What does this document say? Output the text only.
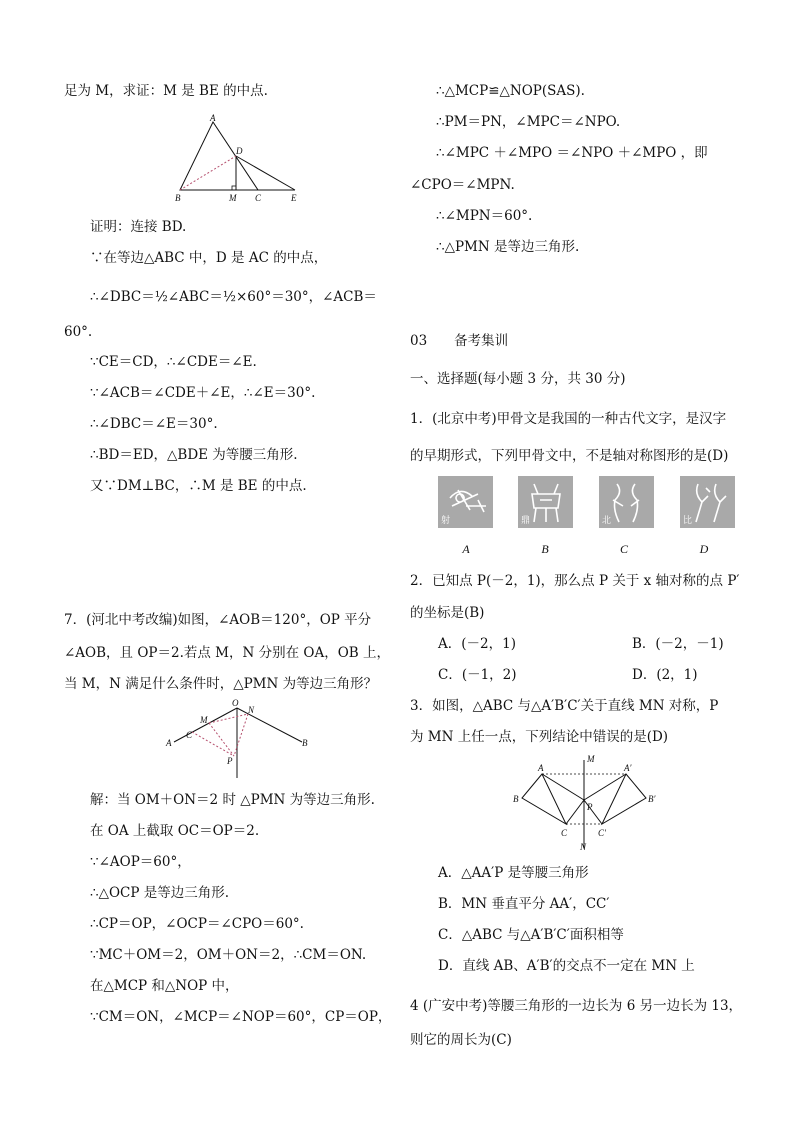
足为 M，求证：M 是 BE 的中点.

A
B	C
D
E
M

证明：连接 BD.

∵在等边△ABC 中，D 是 AC 的中点，

∴∠DBC＝½∠ABC＝½×60°＝30°，∠ACB＝

60°.

∵CE＝CD，∴∠CDE＝∠E.

∵∠ACB＝∠CDE＋∠E，∴∠E＝30°.

∴∠DBC＝∠E＝30°.

∴BD＝ED，△BDE 为等腰三角形.

又∵DM⊥BC，∴M 是 BE 的中点.

7．(河北中考改编)如图，∠AOB＝120°，OP 平分

∠AOB，且 OP＝2.若点 M，N 分别在 OA，OB 上，

当 M，N 满足什么条件时，△PMN 为等边三角形？

A	B
O
M
N
C
P

解：当 OM＋ON＝2 时 △PMN 为等边三角形.

在 OA 上截取 OC＝OP＝2.

∵∠AOP＝60°，

∴△OCP 是等边三角形.

∴CP＝OP，∠OCP＝∠CPO＝60°.

∵MC＋OM＝2，OM＋ON＝2，∴CM＝ON.

在△MCP 和△NOP 中，

∵CM＝ON，∠MCP＝∠NOP＝60°，CP＝OP，

∴△MCP≌△NOP(SAS).

∴PM＝PN，∠MPC＝∠NPO.

∴∠MPC ＋∠MPO ＝∠NPO ＋∠MPO ，即

∠CPO＝∠MPN.

∴∠MPN＝60°.

∴△PMN 是等边三角形.

03　　备考集训

一、选择题(每小题 3 分，共 30 分)

1．(北京中考)甲骨文是我国的一种古代文字，是汉字

的早期形式，下列甲骨文中，不是轴对称图形的是(D)

射	鼎	北	比
A	B	C	D

2．已知点 P(－2，1)，那么点 P 关于 x 轴对称的点 P′

的坐标是(B)

A．(－2，1)	B．(－2，－1)

C．(－1，2)	D．(2，1)

3．如图，△ABC 与△A′B′C′关于直线 MN 对称，P

为 MN 上任一点，下列结论中错误的是(D)

A
B
C
A′
B′
C′
M
N
P

A．△AA′P 是等腰三角形

B．MN 垂直平分 AA′，CC′

C．△ABC 与△A′B′C′面积相等

D．直线 AB、A′B′的交点不一定在 MN 上

4 (广安中考)等腰三角形的一边长为 6 另一边长为 13，

则它的周长为(C)
